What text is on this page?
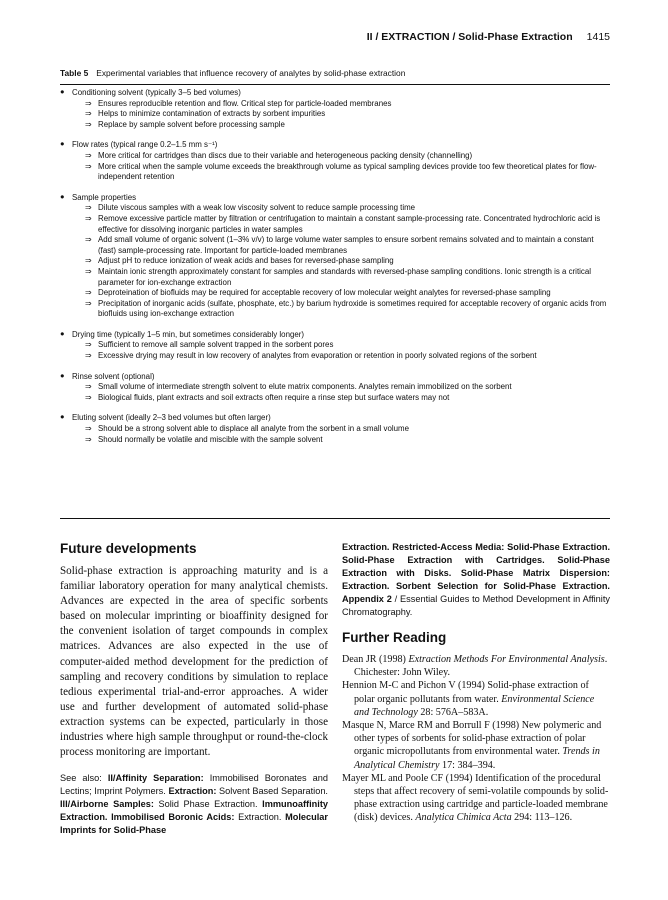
II / EXTRACTION / Solid-Phase Extraction 1415
Table 5 Experimental variables that influence recovery of analytes by solid-phase extraction
● Conditioning solvent (typically 3–5 bed volumes)
⇒ Ensures reproducible retention and flow. Critical step for particle-loaded membranes
⇒ Helps to minimize contamination of extracts by sorbent impurities
⇒ Replace by sample solvent before processing sample
● Flow rates (typical range 0.2–1.5 mm s⁻¹)
⇒ More critical for cartridges than discs due to their variable and heterogeneous packing density (channelling)
⇒ More critical when the sample volume exceeds the breakthrough volume as typical sampling devices provide too few theoretical plates for flow-independent retention
● Sample properties
⇒ Dilute viscous samples with a weak low viscosity solvent to reduce sample processing time
⇒ Remove excessive particle matter by filtration or centrifugation to maintain a constant sample-processing rate. Concentrated hydrochloric acid is effective for dissolving inorganic particles in water samples
⇒ Add small volume of organic solvent (1–3% v/v) to large volume water samples to ensure sorbent remains solvated and to maintain a constant (fast) sample-processing rate. Important for particle-loaded membranes
⇒ Adjust pH to reduce ionization of weak acids and bases for reversed-phase sampling
⇒ Maintain ionic strength approximately constant for samples and standards with reversed-phase sampling conditions. Ionic strength is a critical parameter for ion-exchange extraction
⇒ Deproteination of biofluids may be required for acceptable recovery of low molecular weight analytes for reversed-phase sampling
⇒ Precipitation of inorganic acids (sulfate, phosphate, etc.) by barium hydroxide is sometimes required for acceptable recovery of organic acids from biofluids using ion-exchange extraction
● Drying time (typically 1–5 min, but sometimes considerably longer)
⇒ Sufficient to remove all sample solvent trapped in the sorbent pores
⇒ Excessive drying may result in low recovery of analytes from evaporation or retention in poorly solvated regions of the sorbent
● Rinse solvent (optional)
⇒ Small volume of intermediate strength solvent to elute matrix components. Analytes remain immobilized on the sorbent
⇒ Biological fluids, plant extracts and soil extracts often require a rinse step but surface waters may not
● Eluting solvent (ideally 2–3 bed volumes but often larger)
⇒ Should be a strong solvent able to displace all analyte from the sorbent in a small volume
⇒ Should normally be volatile and miscible with the sample solvent
Future developments

Solid-phase extraction is approaching maturity and is a familiar laboratory operation for many analytical chemists. Advances are expected in the area of specific sorbents based on molecular imprinting or bioaffinity designed for the convenient isolation of target compounds in complex matrices. Advances are also expected in the use of computer-aided method development for the prediction of sampling and recovery conditions by simulation to replace tedious experimental trial-and-error approaches. A wider use and further development of automated solid-phase extraction systems can be expected, particularly in those industries where high sample throughput or round-the-clock process monitoring are important.

See also: II/Affinity Separation: Immobilised Boronates and Lectins; Imprint Polymers. Extraction: Solvent Based Separation. III/Airborne Samples: Solid Phase Extraction. Immunoaffinity Extraction. Immobilised Boronic Acids: Extraction. Molecular Imprints for Solid-Phase

Extraction. Restricted-Access Media: Solid-Phase Extraction. Solid-Phase Extraction with Cartridges. Solid-Phase Extraction with Disks. Solid-Phase Matrix Dispersion: Extraction. Sorbent Selection for Solid-Phase Extraction. Appendix 2 / Essential Guides to Method Development in Affinity Chromatography.

Further Reading

Dean JR (1998) Extraction Methods For Environmental Analysis. Chichester: John Wiley.

Hennion M-C and Pichon V (1994) Solid-phase extraction of polar organic pollutants from water. Environmental Science and Technology 28: 576A–583A.

Masque N, Marce RM and Borrull F (1998) New polymeric and other types of sorbents for solid-phase extraction of polar organic micropollutants from environmental water. Trends in Analytical Chemistry 17: 384–394.

Mayer ML and Poole CF (1994) Identification of the procedural steps that affect recovery of semi-volatile compounds by solid-phase extraction using cartridge and particle-loaded membrane (disk) devices. Analytica Chimica Acta 294: 113–126.
